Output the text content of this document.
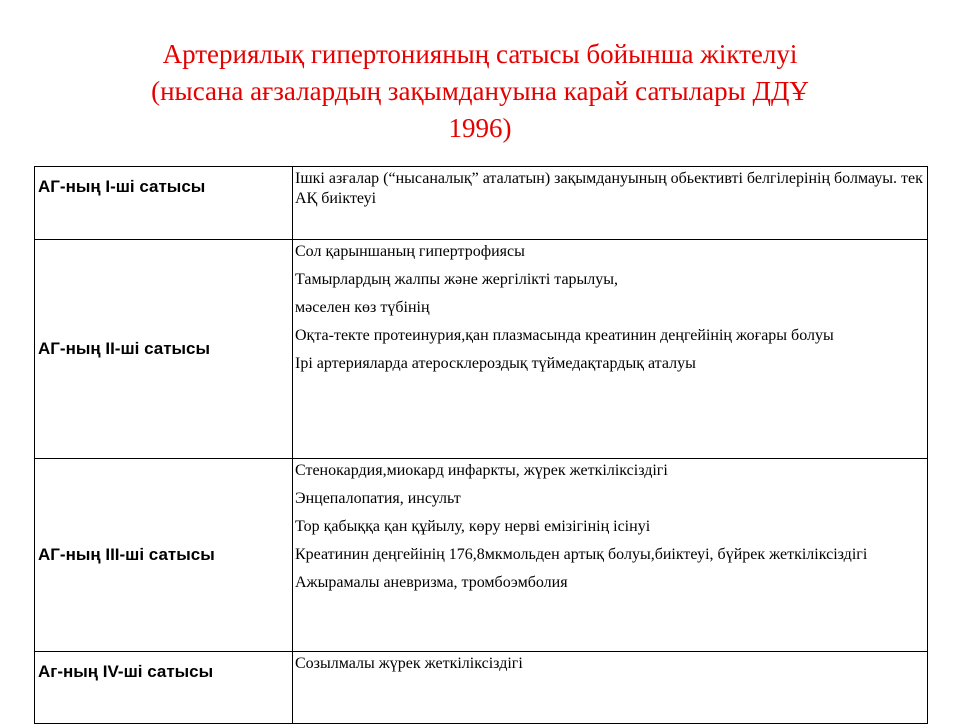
Артериялық гипертонияның сатысы бойынша жіктелуі
(нысана ағзалардың зақымдануына карай сатылары ДДҰ
1996)
АГ-ның І-ші сатысы	Ішкі азғалар (“нысаналық” аталатын) зақымдануының обьективті белгілерінің болмауы. тек АҚ биіктеуі

АГ-ның ІІ-ші сатысы	Сол қарыншаның гипертрофиясы
Тамырлардың жалпы және жергілікті тарылуы,
мәселен көз түбінің
Оқта-текте протеинурия,қан плазмасында креатинин деңгейінің жоғары болуы
Ірі артерияларда атеросклероздық түймедақтардық аталуы

АГ-ның ІІІ-ші сатысы	Стенокардия,миокард инфаркты, жүрек жеткіліксіздігі
Энцепалопатия, инсульт
Тор қабыққа қан құйылу, көру нерві емізігінің ісінуі
Креатинин деңгейінің 176,8мкмольден артық болуы,биіктеуі, бүйрек жеткіліксіздігі
Ажырамалы аневризма, тромбоэмболия

Аг-ның IV-ші сатысы	Созылмалы жүрек жеткіліксіздігі
